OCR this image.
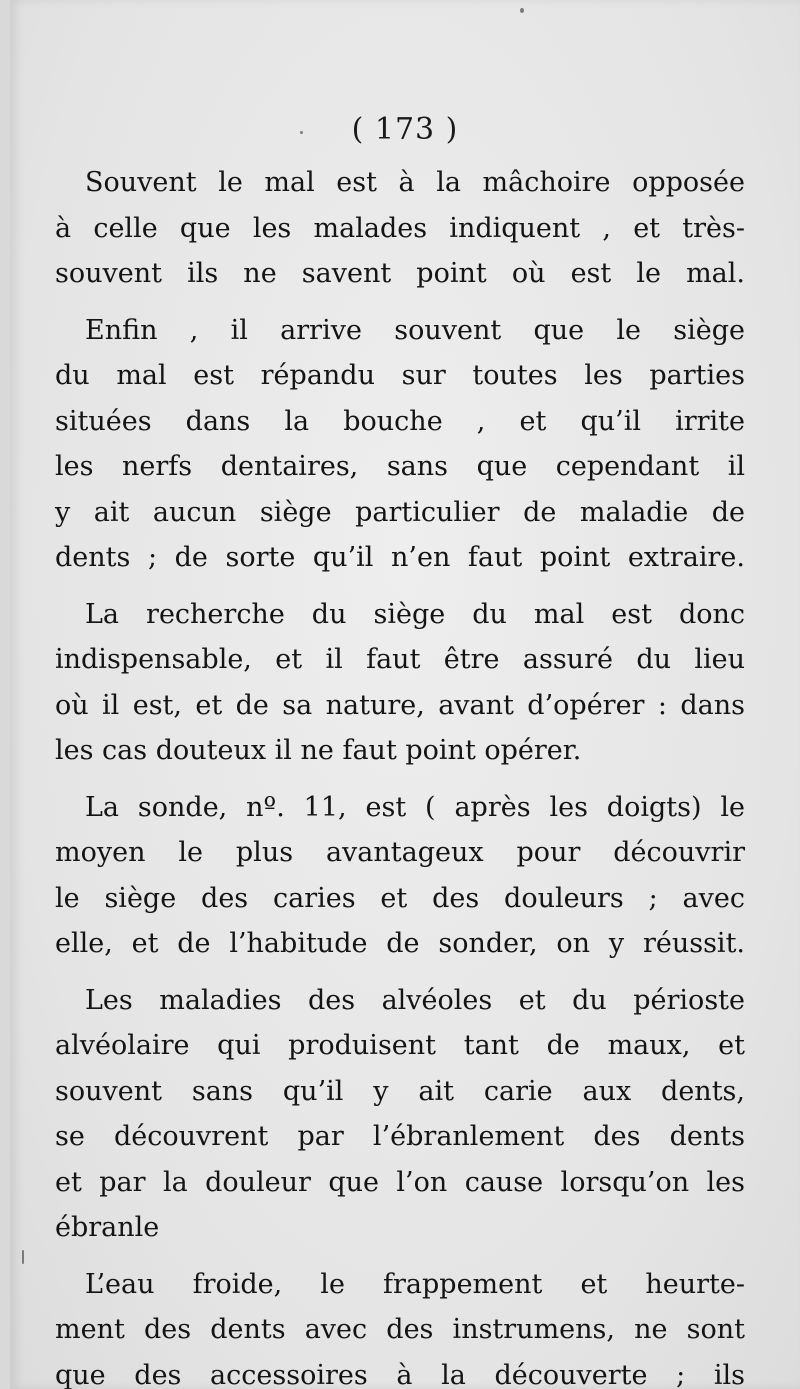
( 173 )
Souvent le mal est à la mâchoire opposée
à celle que les malades indiquent , et très-
souvent ils ne savent point où est le mal.
Enfin , il arrive souvent que le siège
du mal est répandu sur toutes les parties
situées dans la bouche , et qu’il irrite
les nerfs dentaires, sans que cependant il
y ait aucun siège particulier de maladie de
dents ; de sorte qu’il n’en faut point extraire.
La recherche du siège du mal est donc
indispensable, et il faut être assuré du lieu
où il est, et de sa nature, avant d’opérer : dans
les cas douteux il ne faut point opérer.
La sonde, nº. 11, est ( après les doigts) le
moyen le plus avantageux pour découvrir
le siège des caries et des douleurs ; avec
elle, et de l’habitude de sonder, on y réussit.
Les maladies des alvéoles et du périoste
alvéolaire qui produisent tant de maux, et
souvent sans qu’il y ait carie aux dents,
se découvrent par l’ébranlement des dents
et par la douleur que l’on cause lorsqu’on les
ébranle
L’eau froide, le frappement et heurte-
ment des dents avec des instrumens, ne sont
que des accessoires à la découverte ; ils
